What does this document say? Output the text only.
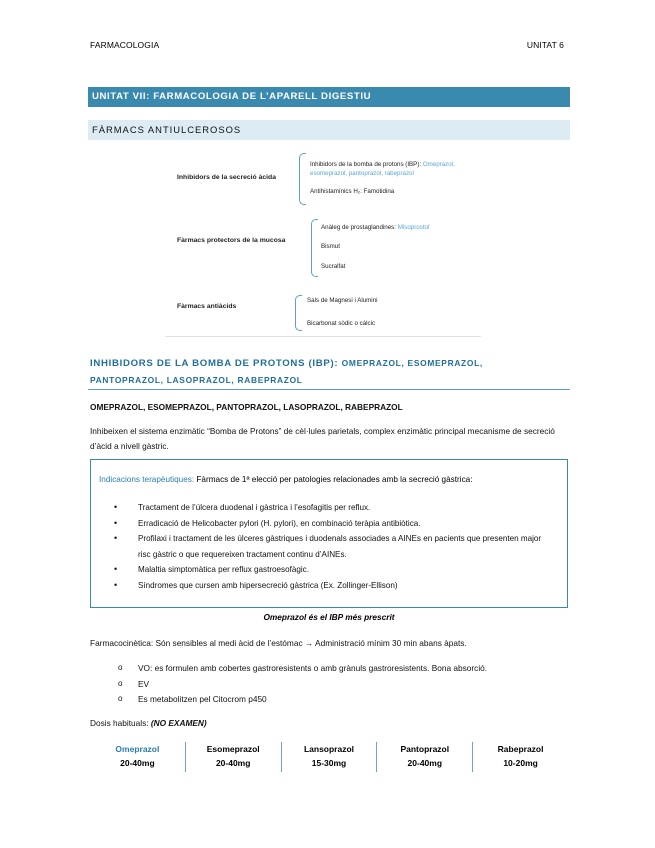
FARMACOLOGIA	UNITAT 6
UNITAT VII: FARMACOLOGIA DE L’APARELL DIGESTIU
FÀRMACS ANTIULCEROSOS
Inhibidors de la secreció àcida
Inhibidors de la bomba de protons (IBP): Omeprazol, esomeprazol, pantoprazol, rabeprazol
Antihistamínics H₂: Famotidina
Fàrmacs protectors de la mucosa
Anàleg de prostaglandines: Misoprostol
Bismut
Sucralfat
Fàrmacs antiàcids
Sals de Magnesi i Alumini
Bicarbonat sòdic o càlcic
INHIBIDORS DE LA BOMBA DE PROTONS (IBP): OMEPRAZOL, ESOMEPRAZOL,
PANTOPRAZOL, LASOPRAZOL, RABEPRAZOL
OMEPRAZOL, ESOMEPRAZOL, PANTOPRAZOL, LASOPRAZOL, RABEPRAZOL
Inhibeixen el sistema enzimàtic “Bomba de Protons” de cèl·lules parietals, complex enzimàtic principal mecanisme de secreció d’àcid a nivell gàstric.
Indicacions terapèutiques: Fàrmacs de 1ª elecció per patologies relacionades amb la secreció gàstrica:
• Tractament de l’úlcera duodenal i gàstrica i l’esofagitis per reflux.
• Erradicació de Helicobacter pylori (H. pylori), en combinació teràpia antibiòtica.
• Profilaxi i tractament de les úlceres gàstriques i duodenals associades a AINEs en pacients que presenten major risc gàstric o que requereixen tractament continu d’AINEs.
• Malaltia simptomàtica per reflux gastroesofàgic.
• Síndromes que cursen amb hipersecreció gàstrica (Ex. Zollinger-Ellison)
Omeprazol és el IBP més prescrit
Farmacocinètica: Són sensibles al medi àcid de l’estómac → Administració mínim 30 min abans àpats.
o VO: es formulen amb cobertes gastroresistents o amb grànuls gastroresistents. Bona absorció.
o EV
o Es metabolitzen pel Citocrom p450
Dosis habituals: (NO EXAMEN)
Omeprazol
20-40mg
Esomeprazol
20-40mg
Lansoprazol
15-30mg
Pantoprazol
20-40mg
Rabeprazol
10-20mg
